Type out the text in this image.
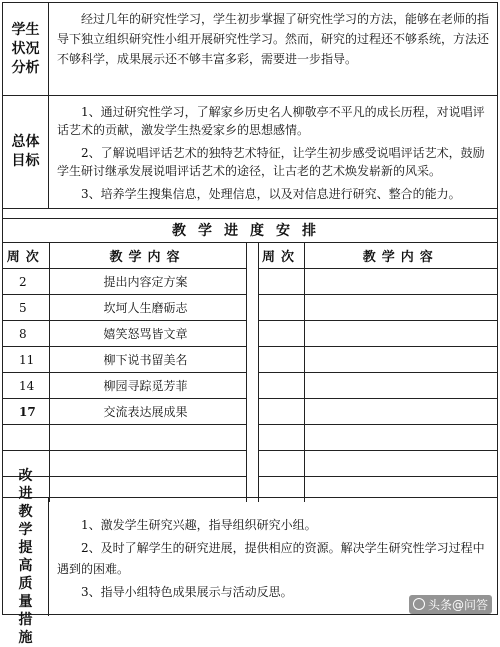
学生状况分析

经过几年的研究性学习，学生初步掌握了研究性学习的方法，能够在老师的指导下独立组织研究性小组开展研究性学习。然而，研究的过程还不够系统，方法还不够科学，成果展示还不够丰富多彩，需要进一步指导。

总体目标

1、通过研究性学习，了解家乡历史名人柳敬亭不平凡的成长历程，对说唱评话艺术的贡献，激发学生热爱家乡的思想感情。

2、了解说唱评话艺术的独特艺术特征，让学生初步感受说唱评话艺术，鼓励学生研讨继承发展说唱评话艺术的途径，让古老的艺术焕发崭新的风采。

3、培养学生搜集信息，处理信息，以及对信息进行研究、整合的能力。

教学进度安排
周次	教学内容		周次	教学内容
2	提出内容定方案			
5	坎坷人生磨砺志			
8	嬉笑怒骂皆文章			
11	柳下说书留美名			
14	柳园寻踪觅芳菲			
17	交流表达展成果			

改进教学提高质量措施

1、激发学生研究兴趣，指导组织研究小组。

2、及时了解学生的研究进展，提供相应的资源。解决学生研究性学习过程中遇到的困难。

3、指导小组特色成果展示与活动反思。

头条@问答
